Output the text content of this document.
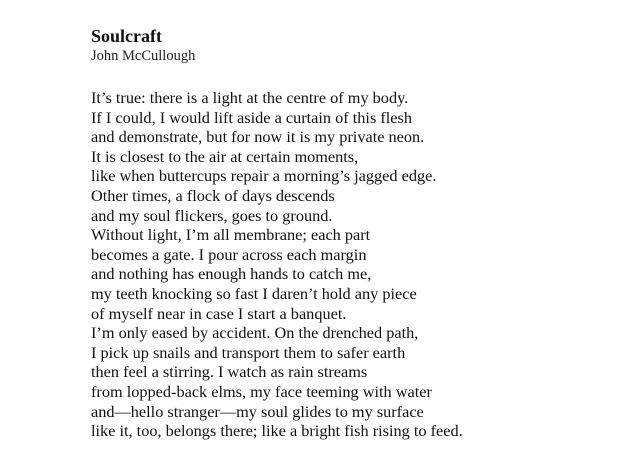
Soulcraft
John McCullough
It’s true: there is a light at the centre of my body.
If I could, I would lift aside a curtain of this flesh
and demonstrate, but for now it is my private neon.
It is closest to the air at certain moments,
like when buttercups repair a morning’s jagged edge.
Other times, a flock of days descends
and my soul flickers, goes to ground.
Without light, I’m all membrane; each part
becomes a gate. I pour across each margin
and nothing has enough hands to catch me,
my teeth knocking so fast I daren’t hold any piece
of myself near in case I start a banquet.
I’m only eased by accident. On the drenched path,
I pick up snails and transport them to safer earth
then feel a stirring. I watch as rain streams
from lopped-back elms, my face teeming with water
and—hello stranger—my soul glides to my surface
like it, too, belongs there; like a bright fish rising to feed.
